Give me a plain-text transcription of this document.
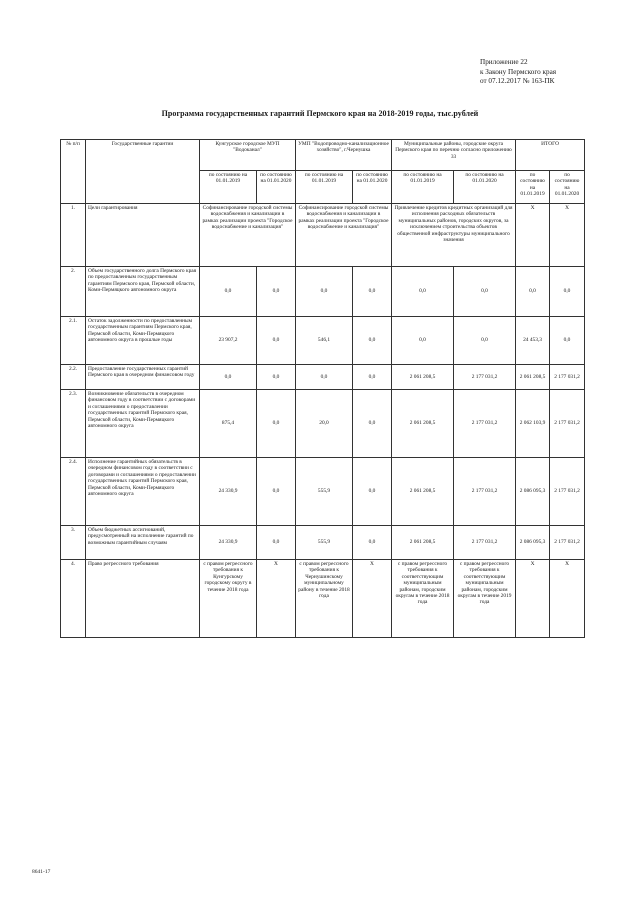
Приложение 22
к Закону Пермского края
от 07.12.2017 № 163-ПК
Программа государственных гарантий Пермского края на 2018-2019 годы, тыс.рублей
№ п/п	Государственные гарантии	Кунгурское городское МУП "Водоканал"		УМП "Водопроводно-канализационное хозяйство", г.Чернушка		Муниципальные районы, городские округа Пермского края по перечню согласно приложению 33		ИТОГО	
		по состоянию на 01.01.2019	по состоянию на 01.01.2020	по состоянию на 01.01.2019	по состоянию на 01.01.2020	по состоянию на 01.01.2019	по состоянию на 01.01.2020	по состоянию на 01.01.2019	по состоянию на 01.01.2020
1.	Цели гарантирования	Софинансирование городской системы водоснабжения и канализации в рамках реализации проекта "Городское водоснабжение и канализация"		Софинансирование городской системы водоснабжения и канализации в рамках реализации проекта "Городское водоснабжение и канализация"		Привлечение кредитов кредитных организаций для исполнения расходных обязательств муниципальных районов, городских округов, за исключением строительства объектов общественной инфраструктуры муниципального значения		X	X
2.	Объем государственного долга Пермского края по предоставленным государственным гарантиям Пермского края, Пермской области, Коми-Пермяцкого автономного округа	0,0	0,0	0,0	0,0	0,0	0,0	0,0	0,0
2.1.	Остаток задолженности по предоставленным государственным гарантиям Пермского края, Пермской области, Коми-Пермяцкого автономного округа в прошлые годы	23 907,2	0,0	546,1	0,0	0,0	0,0	24 453,3	0,0
2.2.	Предоставление государственных гарантий Пермского края в очередном финансовом году	0,0	0,0	0,0	0,0	2 061 208,5	2 177 031,2	2 061 208,5	2 177 031,2
2.3.	Возникновение обязательств в очередном финансовом году в соответствии с договорами и соглашениями о предоставлении государственных гарантий Пермского края, Пермской области, Коми-Пермяцкого автономного округа	875,4	0,0	20,0	0,0	2 061 208,5	2 177 031,2	2 062 103,9	2 177 031,2
2.4.	Исполнение гарантийных обязательств в очередном финансовом году в соответствии с договорами и соглашениями о предоставлении государственных гарантий Пермского края, Пермской области, Коми-Пермяцкого автономного округа	24 330,9	0,0	555,9	0,0	2 061 208,5	2 177 031,2	2 086 095,3	2 177 031,2
3.	Объем бюджетных ассигнований, предусмотренный на исполнение гарантий по возможным гарантийным случаям	24 330,9	0,0	555,9	0,0	2 061 208,5	2 177 031,2	2 086 095,3	2 177 031,2
4.	Право регрессного требования	с правом регрессного требования к Кунгурскому городскому округу в течение 2018 года	X	с правом регрессного требования к Чернушинскому муниципальному району в течение 2018 года	X	с правом регрессного требования к соответствующим муниципальным районам, городским округам в течение 2018 года	с правом регрессного требования к соответствующим муниципальным районам, городским округам в течение 2019 года	X	X
8641-17
